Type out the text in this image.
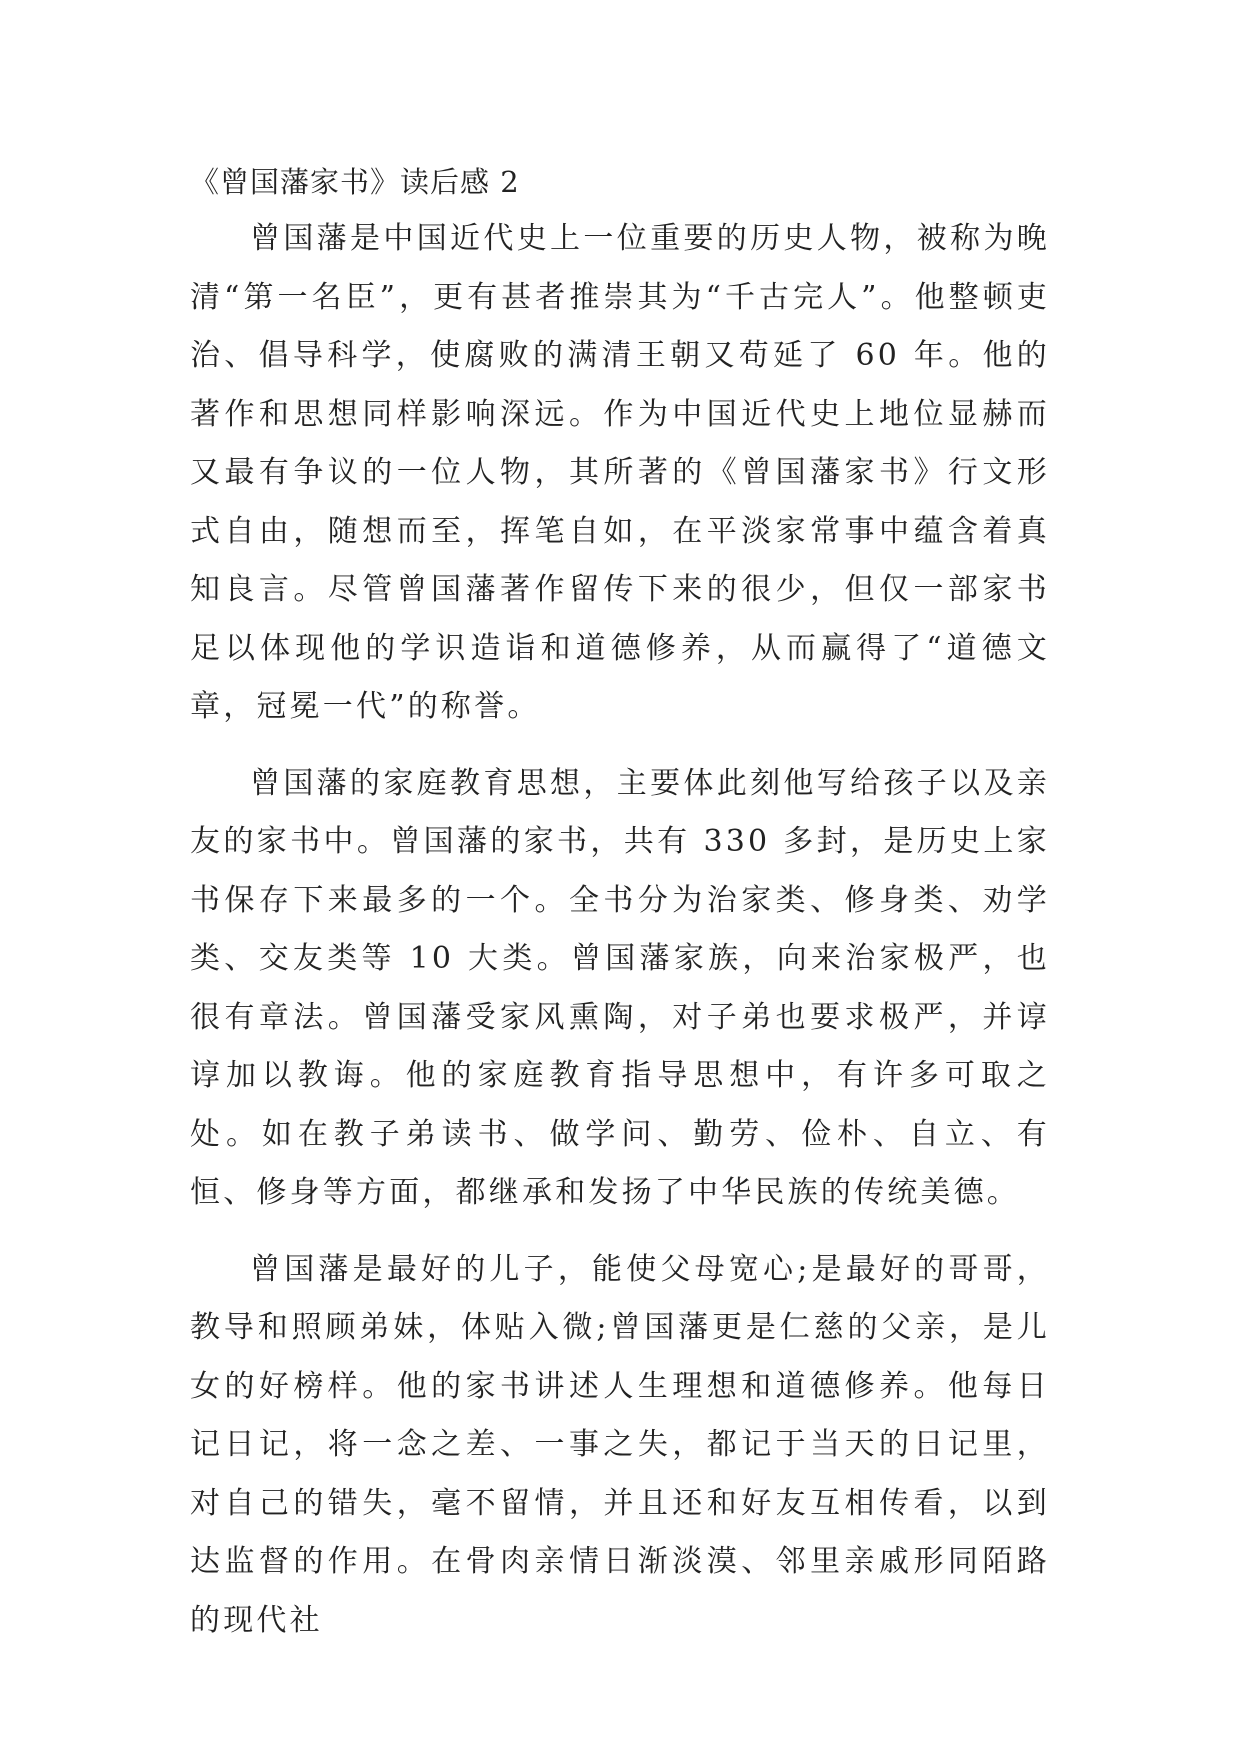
《曾国藩家书》读后感 2

曾国藩是中国近代史上一位重要的历史人物，被称为晚清“第一名臣”，更有甚者推崇其为“千古完人”。他整顿吏治、倡导科学，使腐败的满清王朝又苟延了 60 年。他的著作和思想同样影响深远。作为中国近代史上地位显赫而又最有争议的一位人物，其所著的《曾国藩家书》行文形式自由，随想而至，挥笔自如，在平淡家常事中蕴含着真知良言。尽管曾国藩著作留传下来的很少，但仅一部家书足以体现他的学识造诣和道德修养，从而赢得了“道德文章，冠冕一代”的称誉。

曾国藩的家庭教育思想，主要体此刻他写给孩子以及亲友的家书中。曾国藩的家书，共有 330 多封，是历史上家书保存下来最多的一个。全书分为治家类、修身类、劝学类、交友类等 10 大类。曾国藩家族，向来治家极严，也很有章法。曾国藩受家风熏陶，对子弟也要求极严，并谆谆加以教诲。他的家庭教育指导思想中，有许多可取之处。如在教子弟读书、做学问、勤劳、俭朴、自立、有恒、修身等方面，都继承和发扬了中华民族的传统美德。

曾国藩是最好的儿子，能使父母宽心;是最好的哥哥，教导和照顾弟妹，体贴入微;曾国藩更是仁慈的父亲，是儿女的好榜样。他的家书讲述人生理想和道德修养。他每日记日记，将一念之差、一事之失，都记于当天的日记里，对自己的错失，毫不留情，并且还和好友互相传看，以到达监督的作用。在骨肉亲情日渐淡漠、邻里亲戚形同陌路的现代社
